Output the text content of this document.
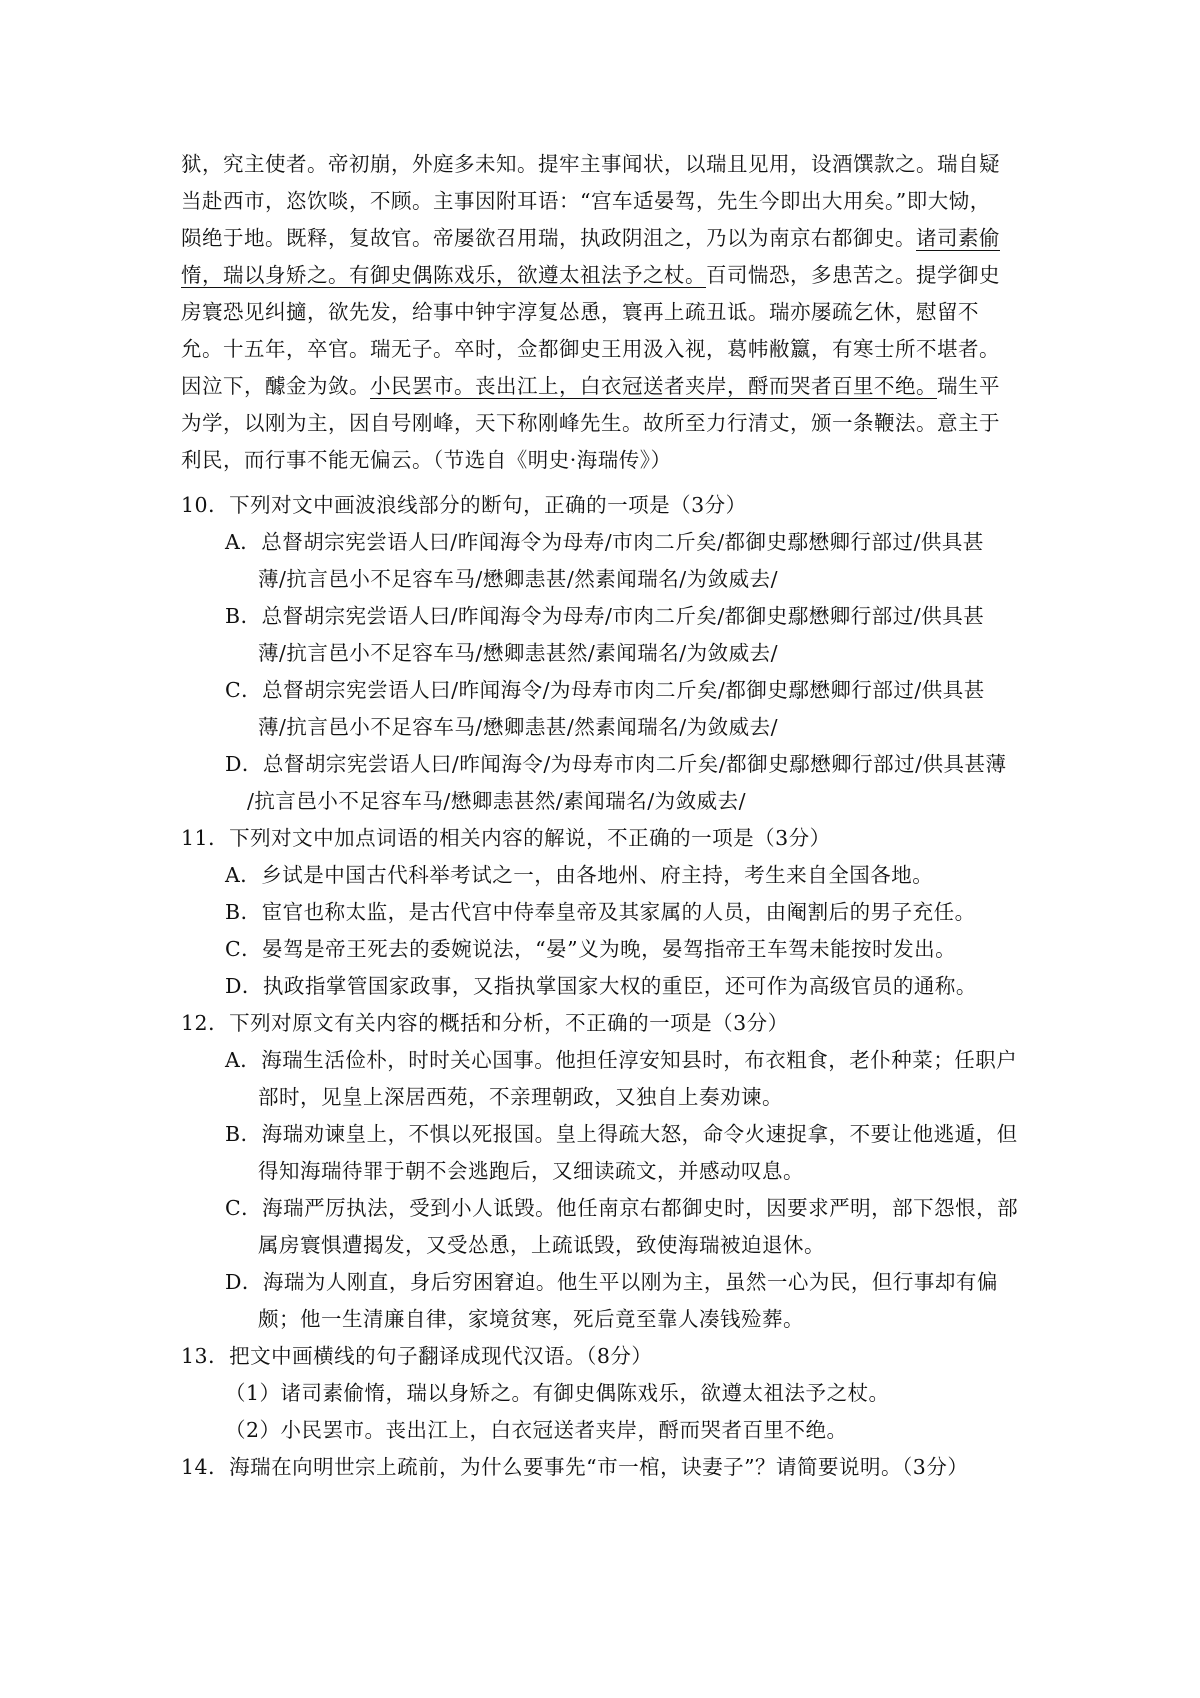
狱，究主使者。帝初崩，外庭多未知。提牢主事闻状，以瑞且见用，设酒馔款之。瑞自疑
当赴西市，恣饮啖，不顾。主事因附耳语：“宫车适晏驾，先生今即出大用矣。”即大恸，
陨绝于地。既释，复故官。帝屡欲召用瑞，执政阴沮之，乃以为南京右都御史。诸司素偷
惰，瑞以身矫之。有御史偶陈戏乐，欲遵太祖法予之杖。百司惴恐，多患苦之。提学御史
房寰恐见纠擿，欲先发，给事中钟宇淳复怂恿，寰再上疏丑诋。瑞亦屡疏乞休，慰留不
允。十五年，卒官。瑞无子。卒时，佥都御史王用汲入视，葛帏敝籝，有寒士所不堪者。
因泣下，醵金为敛。小民罢市。丧出江上，白衣冠送者夹岸，酹而哭者百里不绝。瑞生平
为学，以刚为主，因自号刚峰，天下称刚峰先生。故所至力行清丈，颁一条鞭法。意主于
利民，而行事不能无偏云。（节选自《明史·海瑞传》）
10．下列对文中画波浪线部分的断句，正确的一项是（3分）
A．总督胡宗宪尝语人曰/昨闻海令为母寿/市肉二斤矣/都御史鄢懋卿行部过/供具甚
薄/抗言邑小不足容车马/懋卿恚甚/然素闻瑞名/为敛威去/
B．总督胡宗宪尝语人曰/昨闻海令为母寿/市肉二斤矣/都御史鄢懋卿行部过/供具甚
薄/抗言邑小不足容车马/懋卿恚甚然/素闻瑞名/为敛威去/
C．总督胡宗宪尝语人曰/昨闻海令/为母寿市肉二斤矣/都御史鄢懋卿行部过/供具甚
薄/抗言邑小不足容车马/懋卿恚甚/然素闻瑞名/为敛威去/
D．总督胡宗宪尝语人曰/昨闻海令/为母寿市肉二斤矣/都御史鄢懋卿行部过/供具甚薄
/抗言邑小不足容车马/懋卿恚甚然/素闻瑞名/为敛威去/
11．下列对文中加点词语的相关内容的解说，不正确的一项是（3分）
A．乡试是中国古代科举考试之一，由各地州、府主持，考生来自全国各地。
B．宦官也称太监，是古代宫中侍奉皇帝及其家属的人员，由阉割后的男子充任。
C．晏驾是帝王死去的委婉说法，“晏”义为晚，晏驾指帝王车驾未能按时发出。
D．执政指掌管国家政事，又指执掌国家大权的重臣，还可作为高级官员的通称。
12．下列对原文有关内容的概括和分析，不正确的一项是（3分）
A．海瑞生活俭朴，时时关心国事。他担任淳安知县时，布衣粗食，老仆种菜；任职户
部时，见皇上深居西苑，不亲理朝政，又独自上奏劝谏。
B．海瑞劝谏皇上，不惧以死报国。皇上得疏大怒，命令火速捉拿，不要让他逃遁，但
得知海瑞待罪于朝不会逃跑后，又细读疏文，并感动叹息。
C．海瑞严厉执法，受到小人诋毁。他任南京右都御史时，因要求严明，部下怨恨，部
属房寰惧遭揭发，又受怂恿，上疏诋毁，致使海瑞被迫退休。
D．海瑞为人刚直，身后穷困窘迫。他生平以刚为主，虽然一心为民，但行事却有偏
颇；他一生清廉自律，家境贫寒，死后竟至靠人凑钱殓葬。
13．把文中画横线的句子翻译成现代汉语。（8分）
（1）诸司素偷惰，瑞以身矫之。有御史偶陈戏乐，欲遵太祖法予之杖。
（2）小民罢市。丧出江上，白衣冠送者夹岸，酹而哭者百里不绝。
14．海瑞在向明世宗上疏前，为什么要事先“市一棺，诀妻子”？请简要说明。（3分）
